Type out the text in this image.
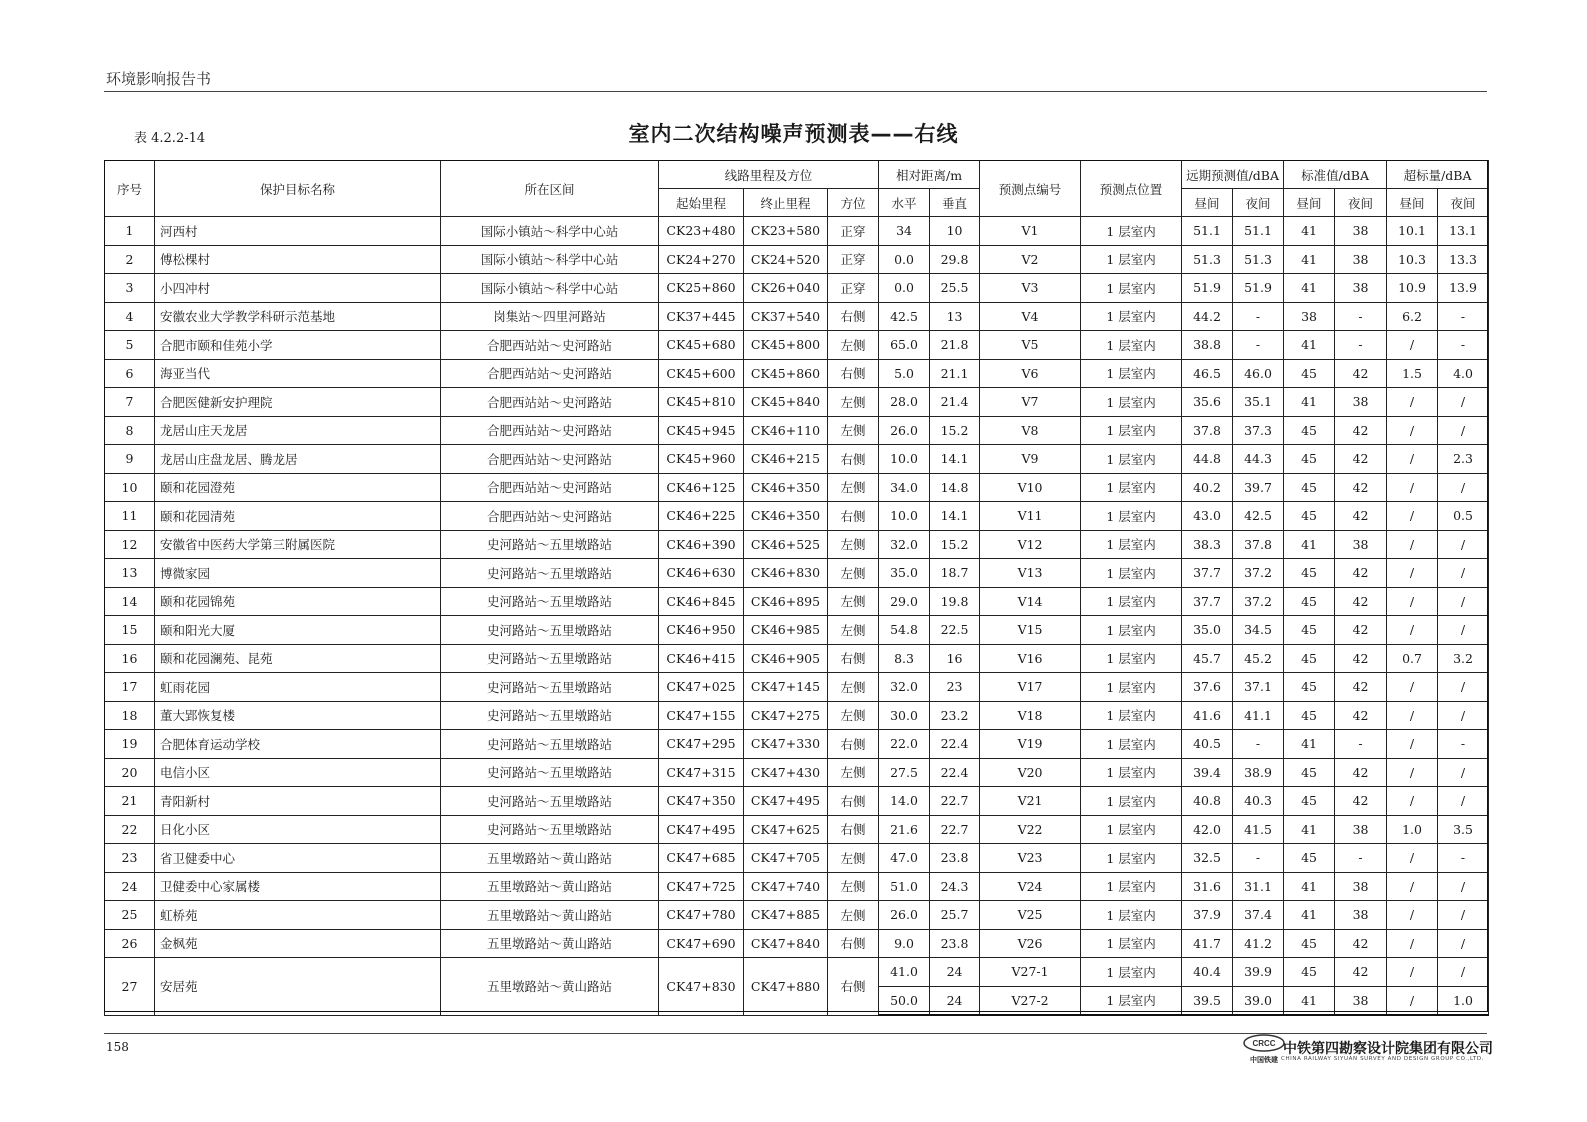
环境影响报告书
表 4.2.2-14	室内二次结构噪声预测表——右线
序号	保护目标名称	所在区间	线路里程及方位			相对距离/m		预测点编号	预测点位置	远期预测值/dBA		标准值/dBA		超标量/dBA	
			起始里程	终止里程	方位	水平	垂直			昼间	夜间	昼间	夜间	昼间	夜间
1	河西村	国际小镇站～科学中心站	CK23+480	CK23+580	正穿	34	10	V1	1 层室内	51.1	51.1	41	38	10.1	13.1
2	傅松棵村	国际小镇站～科学中心站	CK24+270	CK24+520	正穿	0.0	29.8	V2	1 层室内	51.3	51.3	41	38	10.3	13.3
3	小四冲村	国际小镇站～科学中心站	CK25+860	CK26+040	正穿	0.0	25.5	V3	1 层室内	51.9	51.9	41	38	10.9	13.9
4	安徽农业大学教学科研示范基地	岗集站～四里河路站	CK37+445	CK37+540	右侧	42.5	13	V4	1 层室内	44.2	-	38	-	6.2	-
5	合肥市颐和佳苑小学	合肥西站站～史河路站	CK45+680	CK45+800	左侧	65.0	21.8	V5	1 层室内	38.8	-	41	-	/	-
6	海亚当代	合肥西站站～史河路站	CK45+600	CK45+860	右侧	5.0	21.1	V6	1 层室内	46.5	46.0	45	42	1.5	4.0
7	合肥医健新安护理院	合肥西站站～史河路站	CK45+810	CK45+840	左侧	28.0	21.4	V7	1 层室内	35.6	35.1	41	38	/	/
8	龙居山庄天龙居	合肥西站站～史河路站	CK45+945	CK46+110	左侧	26.0	15.2	V8	1 层室内	37.8	37.3	45	42	/	/
9	龙居山庄盘龙居、腾龙居	合肥西站站～史河路站	CK45+960	CK46+215	右侧	10.0	14.1	V9	1 层室内	44.8	44.3	45	42	/	2.3
10	颐和花园澄苑	合肥西站站～史河路站	CK46+125	CK46+350	左侧	34.0	14.8	V10	1 层室内	40.2	39.7	45	42	/	/
11	颐和花园清苑	合肥西站站～史河路站	CK46+225	CK46+350	右侧	10.0	14.1	V11	1 层室内	43.0	42.5	45	42	/	0.5
12	安徽省中医药大学第三附属医院	史河路站～五里墩路站	CK46+390	CK46+525	左侧	32.0	15.2	V12	1 层室内	38.3	37.8	41	38	/	/
13	博微家园	史河路站～五里墩路站	CK46+630	CK46+830	左侧	35.0	18.7	V13	1 层室内	37.7	37.2	45	42	/	/
14	颐和花园锦苑	史河路站～五里墩路站	CK46+845	CK46+895	左侧	29.0	19.8	V14	1 层室内	37.7	37.2	45	42	/	/
15	颐和阳光大厦	史河路站～五里墩路站	CK46+950	CK46+985	左侧	54.8	22.5	V15	1 层室内	35.0	34.5	45	42	/	/
16	颐和花园澜苑、昆苑	史河路站～五里墩路站	CK46+415	CK46+905	右侧	8.3	16	V16	1 层室内	45.7	45.2	45	42	0.7	3.2
17	虹雨花园	史河路站～五里墩路站	CK47+025	CK47+145	左侧	32.0	23	V17	1 层室内	37.6	37.1	45	42	/	/
18	董大郢恢复楼	史河路站～五里墩路站	CK47+155	CK47+275	左侧	30.0	23.2	V18	1 层室内	41.6	41.1	45	42	/	/
19	合肥体育运动学校	史河路站～五里墩路站	CK47+295	CK47+330	右侧	22.0	22.4	V19	1 层室内	40.5	-	41	-	/	-
20	电信小区	史河路站～五里墩路站	CK47+315	CK47+430	左侧	27.5	22.4	V20	1 层室内	39.4	38.9	45	42	/	/
21	青阳新村	史河路站～五里墩路站	CK47+350	CK47+495	右侧	14.0	22.7	V21	1 层室内	40.8	40.3	45	42	/	/
22	日化小区	史河路站～五里墩路站	CK47+495	CK47+625	右侧	21.6	22.7	V22	1 层室内	42.0	41.5	41	38	1.0	3.5
23	省卫健委中心	五里墩路站～黄山路站	CK47+685	CK47+705	左侧	47.0	23.8	V23	1 层室内	32.5	-	45	-	/	-
24	卫健委中心家属楼	五里墩路站～黄山路站	CK47+725	CK47+740	左侧	51.0	24.3	V24	1 层室内	31.6	31.1	41	38	/	/
25	虹桥苑	五里墩路站～黄山路站	CK47+780	CK47+885	左侧	26.0	25.7	V25	1 层室内	37.9	37.4	41	38	/	/
26	金枫苑	五里墩路站～黄山路站	CK47+690	CK47+840	右侧	9.0	23.8	V26	1 层室内	41.7	41.2	45	42	/	/
27	安居苑	五里墩路站～黄山路站	CK47+830	CK47+880	右侧	41.0	24	V27-1	1 层室内	40.4	39.9	45	42	/	/
						50.0	24	V27-2	1 层室内	39.5	39.0	41	38	/	1.0
158	CRCC
中国铁建
中铁第四勘察设计院集团有限公司
CHINA RAILWAY SIYUAN SURVEY AND DESIGN GROUP CO.,LTD.
